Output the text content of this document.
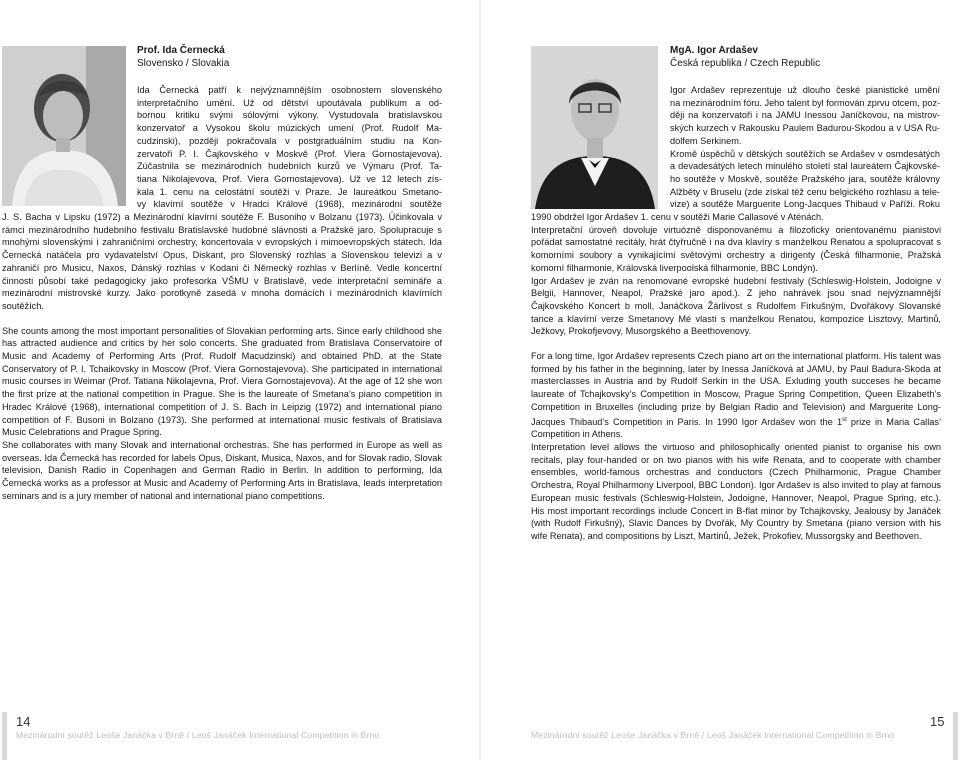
Prof. Ida Černecká
Slovensko / Slovakia
Ida Černecká patří k nejvýznamnějším osobnostem slovenského
interpretačního umění. Už od dětství upoutávala publikum a od-
bornou kritiku svými sólovými výkony. Vystudovala bratislavskou
konzervatoř a Vysokou školu múzických umení (Prof. Rudolf Ma-
cudzinski), později pokračovala v postgraduálním studiu na Kon-
zervatoři P. I. Čajkovského v Moskvě (Prof. Viera Gornostajevova).
Zúčastnila se mezinárodních hudebních kurzů ve Výmaru (Prof. Ta-
tiana Nikolajevova, Prof. Viera Gornostajevova). Už ve 12 letech zís-
kala 1. cenu na celostátní soutěži v Praze. Je laureátkou Smetano-
vy klavírní soutěže v Hradci Králové (1968), mezinárodní soutěže

J. S. Bacha v Lipsku (1972) a Mezinárodní klavírní soutěže F. Busoniho v Bolzanu (1973). Účinkovala v rámci mezinárodního hudebního festivalu Bratislavské hudobné slávnosti a Pražské jaro. Spolupracuje s mnohými slovenskými i zahraničními orchestry, koncertovala v evropských i mimoevropských státech. Ida Černecká natáčela pro vydavatelství Opus, Diskant, pro Slovenský rozhlas a Slovenskou televizi a v zahraničí pro Musicu, Naxos, Dánský rozhlas v Kodani či Německý rozhlas v Berlíně. Vedle koncertní činnosti působí také pedagogicky jako profesorka VŠMU v Bratislavě, vede interpretační semináře a mezinárodní mistrovské kurzy. Jako porotkyně zasedá v mnoha domácích i mezinárodních klavírních soutěžích.

She counts among the most important personalities of Slovakian performing arts. Since early childhood she has attracted audience and critics by her solo concerts. She graduated from Bratislava Conservatoire of Music and Academy of Performing Arts (Prof. Rudolf Macudzinski) and obtained PhD. at the State Conservatory of P. I. Tchaikovsky in Moscow (Prof. Viera Gornostajevova). She participated in international music courses in Weimar (Prof. Tatiana Nikolajevna, Prof. Viera Gornostajevova). At the age of 12 she won the first prize at the national competition in Prague. She is the laureate of Smetana’s piano competition in Hradec Králové (1968), international competition of J. S. Bach in Leipzig (1972) and international piano competition of F. Busoni in Bolzano (1973). She performed at international music festivals of Bratislava Music Celebrations and Prague Spring.

She collaborates with many Slovak and international orchestras. She has performed in Europe as well as overseas. Ida Černecká has recorded for labels Opus, Diskant, Musica, Naxos, and for Slovak radio, Slovak television, Danish Radio in Copenhagen and German Radio in Berlin. In addition to performing, Ida Černecká works as a professor at Music and Academy of Performing Arts in Bratislava, leads interpretation seminars and is a jury member of national and international piano competitions.

14
Mezinárodní soutěž Leoše Janáčka v Brně / Leoš Janáček International Competition in Brno
MgA. Igor Ardašev
Česká republika / Czech Republic
Igor Ardašev reprezentuje už dlouho české pianistické umění
na mezinárodním fóru. Jeho talent byl formován zprvu otcem, poz-
ději na konzervatoři i na JAMU Inessou Janíčkovou, na mistrov-
ských kurzech v Rakousku Paulem Badurou-Skodou a v USA Ru-
dolfem Serkinem.
Kromě úspěchů v dětských soutěžích se Ardašev v osmdesátých
a devadesátých letech minulého století stal laureátem Čajkovské-
ho soutěže v Moskvě, soutěže Pražského jara, soutěže královny
Alžběty v Bruselu (zde získal též cenu belgického rozhlasu a tele-
vize) a soutěže Marguerite Long-Jacques Thibaud v Paříži. Roku

1990 obdržel Igor Ardašev 1. cenu v soutěži Marie Callasové v Aténách.

Interpretační úroveň dovoluje virtuózně disponovanému a filozoficky orientovanému pianistovi pořádat samostatné recitály, hrát čtyřručně i na dva klavíry s manželkou Renatou a spolupracovat s komorními soubory a vynikajícími světovými orchestry a dirigenty (Česká filharmonie, Pražská komorní filharmonie, Královská liverpoolská filharmonie, BBC Londýn).

Igor Ardašev je zván na renomované evropské hudební festivaly (Schleswig-Holstein, Jodoigne v Belgii, Hannover, Neapol, Pražské jaro apod.). Z jeho nahrávek jsou snad nejvýznamnější Čajkovského Koncert b moll, Janáčkova Žárlivost s Rudolfem Firkušným, Dvořákovy Slovanské tance a klavírní verze Smetanovy Mé vlasti s manželkou Renatou, kompozice Lisztovy, Martinů, Ježkovy, Prokofjevovy, Musorgského a Beethovenovy.

For a long time, Igor Ardašev represents Czech piano art on the international platform. His talent was formed by his father in the beginning, later by Inessa Janíčková at JAMU, by Paul Badura-Skoda at masterclasses in Austria and by Rudolf Serkin in the USA. Exluding youth succeses he became laureate of Tchajkovsky’s Competition in Moscow, Prague Spring Competition, Queen Elizabeth’s Competition in Bruxelles (including prize by Belgian Radio and Television) and Marguerite Long-Jacques Thibaud’s Competition in Paris. In 1990 Igor Ardašev won the 1st prize in Maria Callas’ Competition in Athens.

Interpretation level allows the virtuoso and philosophically oriented pianist to organise his own recitals, play four-handed or on two pianos with his wife Renata, and to cooperate with chamber ensembles, world-famous orchestras and conductors (Czech Philharmonic, Prague Chamber Orchestra, Royal Philharmony Liverpool, BBC London). Igor Ardašev is also invited to play at famous European music festivals (Schleswig-Holstein, Jodoigne, Hannover, Neapol, Prague Spring, etc.). His most important recordings include Concert in B-flat minor by Tchajkovsky, Jealousy by Janáček (with Rudolf Firkušný), Slavic Dances by Dvořák, My Country by Smetana (piano version with his wife Renata), and compositions by Liszt, Martinů, Ježek, Prokofiev, Mussorgsky and Beethoven.

15
Mezinárodní soutěž Leoše Janáčka v Brně / Leoš Janáček International Competition in Brno
